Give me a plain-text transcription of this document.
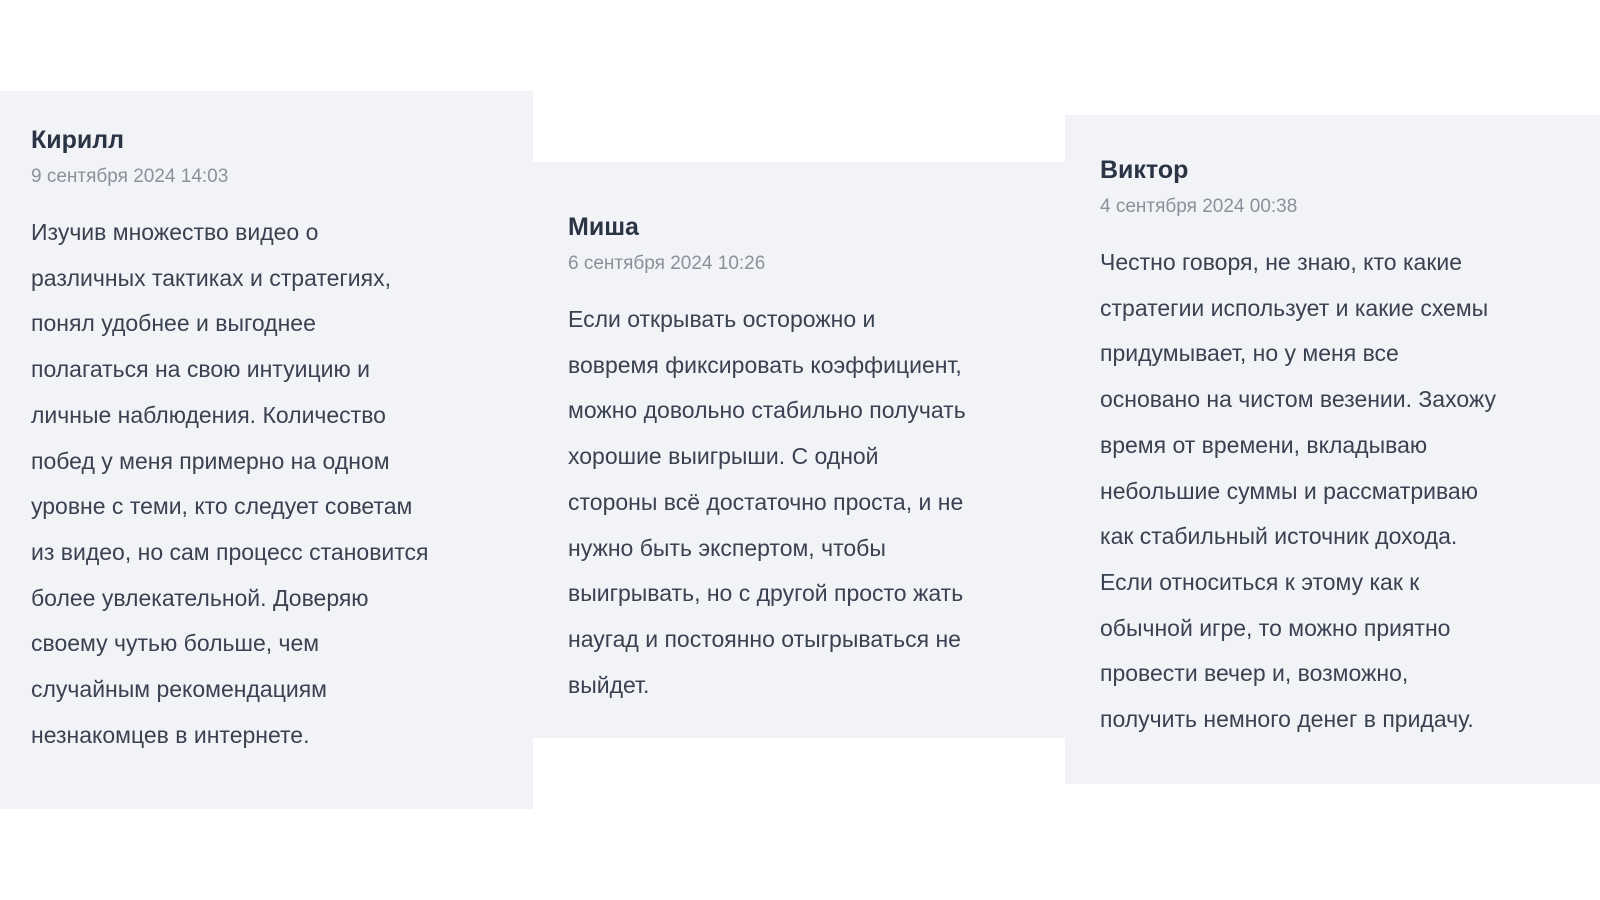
Кирилл
9 сентября 2024 14:03
Изучив множество видео о
различных тактиках и стратегиях,
понял удобнее и выгоднее
полагаться на свою интуицию и
личные наблюдения. Количество
побед у меня примерно на одном
уровне с теми, кто следует советам
из видео, но сам процесс становится
более увлекательной. Доверяю
своему чутью больше, чем
случайным рекомендациям
незнакомцев в интернете.
Миша
6 сентября 2024 10:26
Если открывать осторожно и
вовремя фиксировать коэффициент,
можно довольно стабильно получать
хорошие выигрыши. С одной
стороны всё достаточно проста, и не
нужно быть экспертом, чтобы
выигрывать, но с другой просто жать
наугад и постоянно отыгрываться не
выйдет.
Виктор
4 сентября 2024 00:38
Честно говоря, не знаю, кто какие
стратегии использует и какие схемы
придумывает, но у меня все
основано на чистом везении. Захожу
время от времени, вкладываю
небольшие суммы и рассматриваю
как стабильный источник дохода.
Если относиться к этому как к
обычной игре, то можно приятно
провести вечер и, возможно,
получить немного денег в придачу.
